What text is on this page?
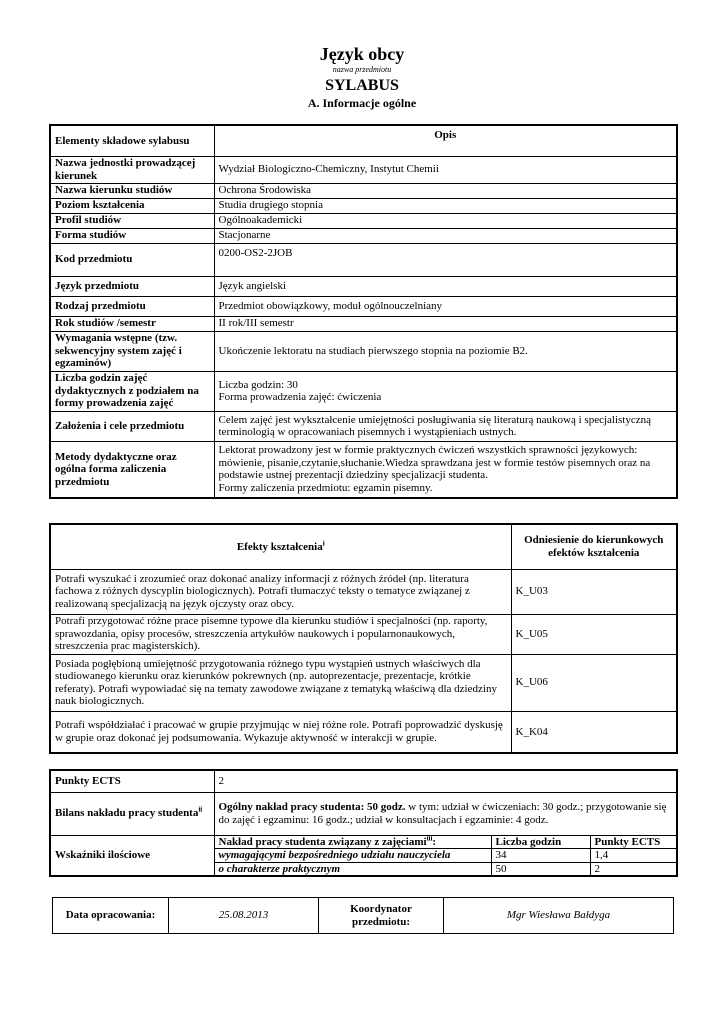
Język obcy
nazwa przedmiotu
SYLABUS
A. Informacje ogólne
Elementy składowe sylabusu	Opis
Nazwa jednostki prowadzącej kierunek	Wydział Biologiczno-Chemiczny, Instytut Chemii
Nazwa kierunku studiów	Ochrona Środowiska
Poziom kształcenia	Studia drugiego stopnia
Profil studiów	Ogólnoakademicki
Forma studiów	Stacjonarne
Kod przedmiotu	0200-OS2-2JOB
Język przedmiotu	Język angielski
Rodzaj przedmiotu	Przedmiot obowiązkowy, moduł ogólnouczelniany
Rok studiów /semestr	II rok/III semestr
Wymagania wstępne (tzw. sekwencyjny system zajęć i egzaminów)	Ukończenie lektoratu na studiach pierwszego stopnia na poziomie B2.
Liczba godzin zajęć dydaktycznych z podziałem na formy prowadzenia zajęć	Liczba godzin: 30
Forma prowadzenia zajęć: ćwiczenia

Założenia i cele przedmiotu	Celem zajęć jest wykształcenie umiejętności posługiwania się literaturą naukową i specjalistyczną terminologią w opracowaniach pisemnych i wystąpieniach ustnych.
Metody dydaktyczne oraz ogólna forma zaliczenia przedmiotu	Lektorat prowadzony jest w formie praktycznych ćwiczeń wszystkich sprawności językowych: mówienie, pisanie,czytanie,słuchanie.Wiedza sprawdzana jest w formie testów pisemnych oraz na podstawie ustnej prezentacji dziedziny specjalizacji studenta.
Formy zaliczenia przedmiotu: egzamin pisemny.
Efekty kształcenia$^i$	Odniesienie do kierunkowych efektów kształcenia
Potrafi wyszukać i zrozumieć oraz dokonać analizy informacji z różnych źródeł (np. literatura fachowa z różnych dyscyplin biologicznych). Potrafi tłumaczyć teksty o tematyce związanej z realizowaną specjalizacją na język ojczysty oraz obcy.	K_U03
Potrafi przygotować różne prace pisemne typowe dla kierunku studiów i specjalności (np. raporty, sprawozdania, opisy procesów, streszczenia artykułów naukowych i popularnonaukowych, streszczenia prac magisterskich).	K_U05
Posiada pogłębioną umiejętność przygotowania różnego typu wystąpień ustnych właściwych dla studiowanego kierunku oraz kierunków pokrewnych (np. autoprezentacje, prezentacje, krótkie referaty). Potrafi wypowiadać się na tematy zawodowe związane z tematyką właściwą dla dziedziny nauk biologicznych.	K_U06
Potrafi współdziałać i pracować w grupie przyjmując w niej różne role. Potrafi poprowadzić dyskusję w grupie oraz dokonać jej podsumowania. Wykazuje aktywność w interakcji w grupie.	K_K04
Punkty ECTS	2		
Bilans nakładu pracy studenta$^{ii}$	Ogólny nakład pracy studenta: 50 godz. w tym: udział w ćwiczeniach: 30 godz.; przygotowanie się do zajęć i egzaminu: 16 godz.; udział w konsultacjach i egzaminie: 4 godz.		
Wskaźniki ilościowe	Nakład pracy studenta związany z zajęciami$^{iii}$:	Liczba godzin	Punkty ECTS
	wymagającymi bezpośredniego udziału nauczyciela	34	1,4
	o charakterze praktycznym	50	2
Data opracowania:	25.08.2013	Koordynator przedmiotu:	Mgr Wiesława Bałdyga
